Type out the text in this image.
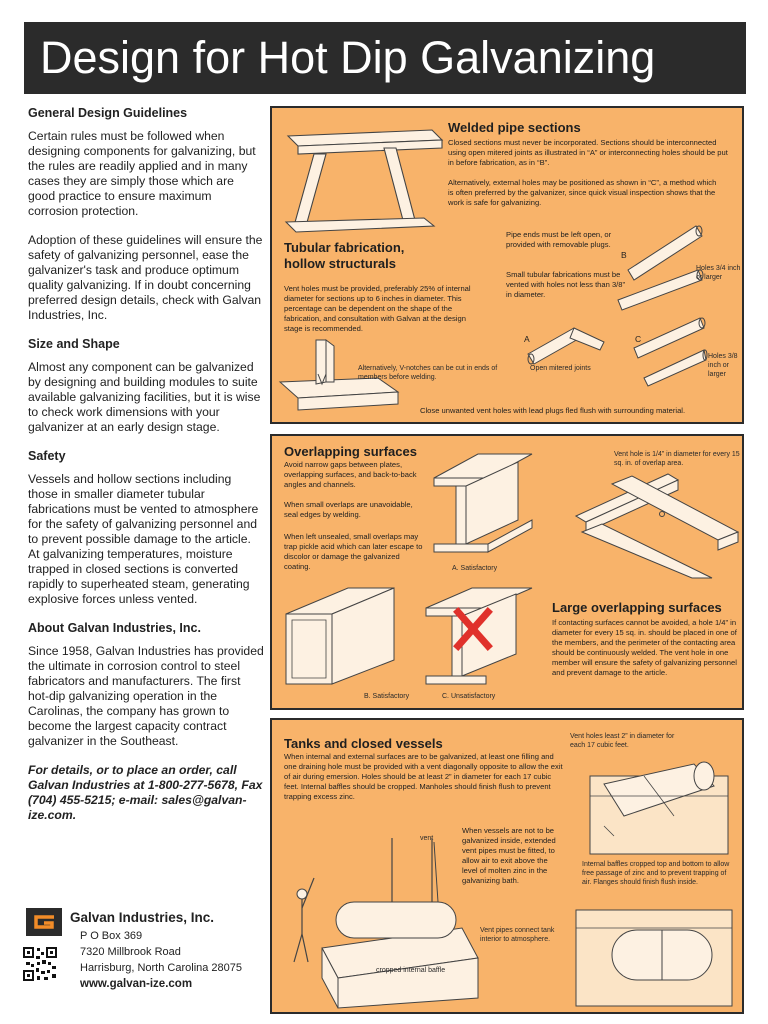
Design for Hot Dip Galvanizing
General Design Guidelines

Certain rules must be followed when designing components for galvanizing, but the rules are readily applied and in many cases they are simply those which are good practice to ensure maximum corrosion protection.

Adoption of these guidelines will ensure the safety of galvanizing personnel, ease the galvanizer's task and produce optimum quality galvanizing. If in doubt concerning preferred design details, check with Galvan Industries, Inc.

Size and Shape

Almost any component can be galvanized by designing and building modules to suite available galvanizing facilities, but it is wise to check work dimensions with your galvanizer at an early design stage.

Safety

Vessels and hollow sections including those in smaller diameter tubular fabrications must be vented to atmosphere for the safety of galvanizing personnel and to prevent possible damage to the article. At galvanizing temperatures, moisture trapped in closed sections is converted rapidly to superheated steam, generating explosive forces unless vented.

About Galvan Industries, Inc.

Since 1958, Galvan Industries has provided the ultimate in corrosion control to steel fabricators and manufacturers. The first hot-dip galvanizing operation in the Carolinas, the company has grown to become the largest capacity contract galvanizer in the Southeast.

For details, or to place an order, call Galvan Industries at 1-800-277-5678, Fax (704) 455-5215; e-mail: sales@galvan-ize.com.

Galvan Industries, Inc.
P O Box 369
7320 Millbrook Road
Harrisburg, North Carolina 28075
www.galvan-ize.com
Welded pipe sections
Closed sections must never be incorporated. Sections should be interconnected using open mitered joints as illustrated in “A” or interconnecting holes should be put in before fabrication, as in “B”.
Alternatively, external holes may be positioned as shown in “C”, a method which is often preferred by the galvanizer, since quick visual inspection shows that the work is safe for galvanizing.
Tubular fabrication, hollow structurals
Vent holes must be provided, preferably 25% of internal diameter for sections up to 6 inches in diameter. This percentage can be dependent on the shape of the fabrication, and consultation with Galvan at the design stage is recommended.
Pipe ends must be left open, or provided with removable plugs.
Small tubular fabrications must be vented with holes not less than 3/8” in diameter.
B
A	C
Holes 3/4 inch or larger
Holes 3/8 inch or larger
Open mitered joints
Alternatively, V-notches can be cut in ends of members before welding.
Close unwanted vent holes with lead plugs fled flush with surrounding material.
Overlapping surfaces
Avoid narrow gaps between plates, overlapping surfaces, and back-to-back angles and channels.
When small overlaps are unavoidable, seal edges by welding.
When left unsealed, small overlaps may trap pickle acid which can later escape to discolor or damage the galvanized coating.	A. Satisfactory
Vent hole is 1/4” in diameter for every 15 sq. in. of overlap area.
B. Satisfactory	C. Unsatisfactory
Large overlapping surfaces
If contacting surfaces cannot be avoided, a hole 1/4” in diameter for every 15 sq. in. should be placed in one of the members, and the perimeter of the contacting area should be continuously welded. The vent hole in one member will ensure the safety of galvanizing personnel and prevent damage to the article.
Tanks and closed vessels
When internal and external surfaces are to be galvanized, at least one filling and one draining hole must be provided with a vent diagonally opposite to allow the exit of air during emersion. Holes should be at least 2” in diameter for each 17 cubic feet. Internal baffles should be cropped. Manholes should finish flush to prevent trapping excess zinc.
Vent holes least 2” in diameter for each 17 cubic feet.
When vessels are not to be galvanized inside, extended vent pipes must be fitted, to allow air to exit above the level of molten zinc in the galvanizing bath.
vent
Internal baffles cropped top and bottom to allow free passage of zinc and to prevent trapping of air. Flanges should finish flush inside.
Vent pipes connect tank interior to atmosphere.
cropped internal baffle
